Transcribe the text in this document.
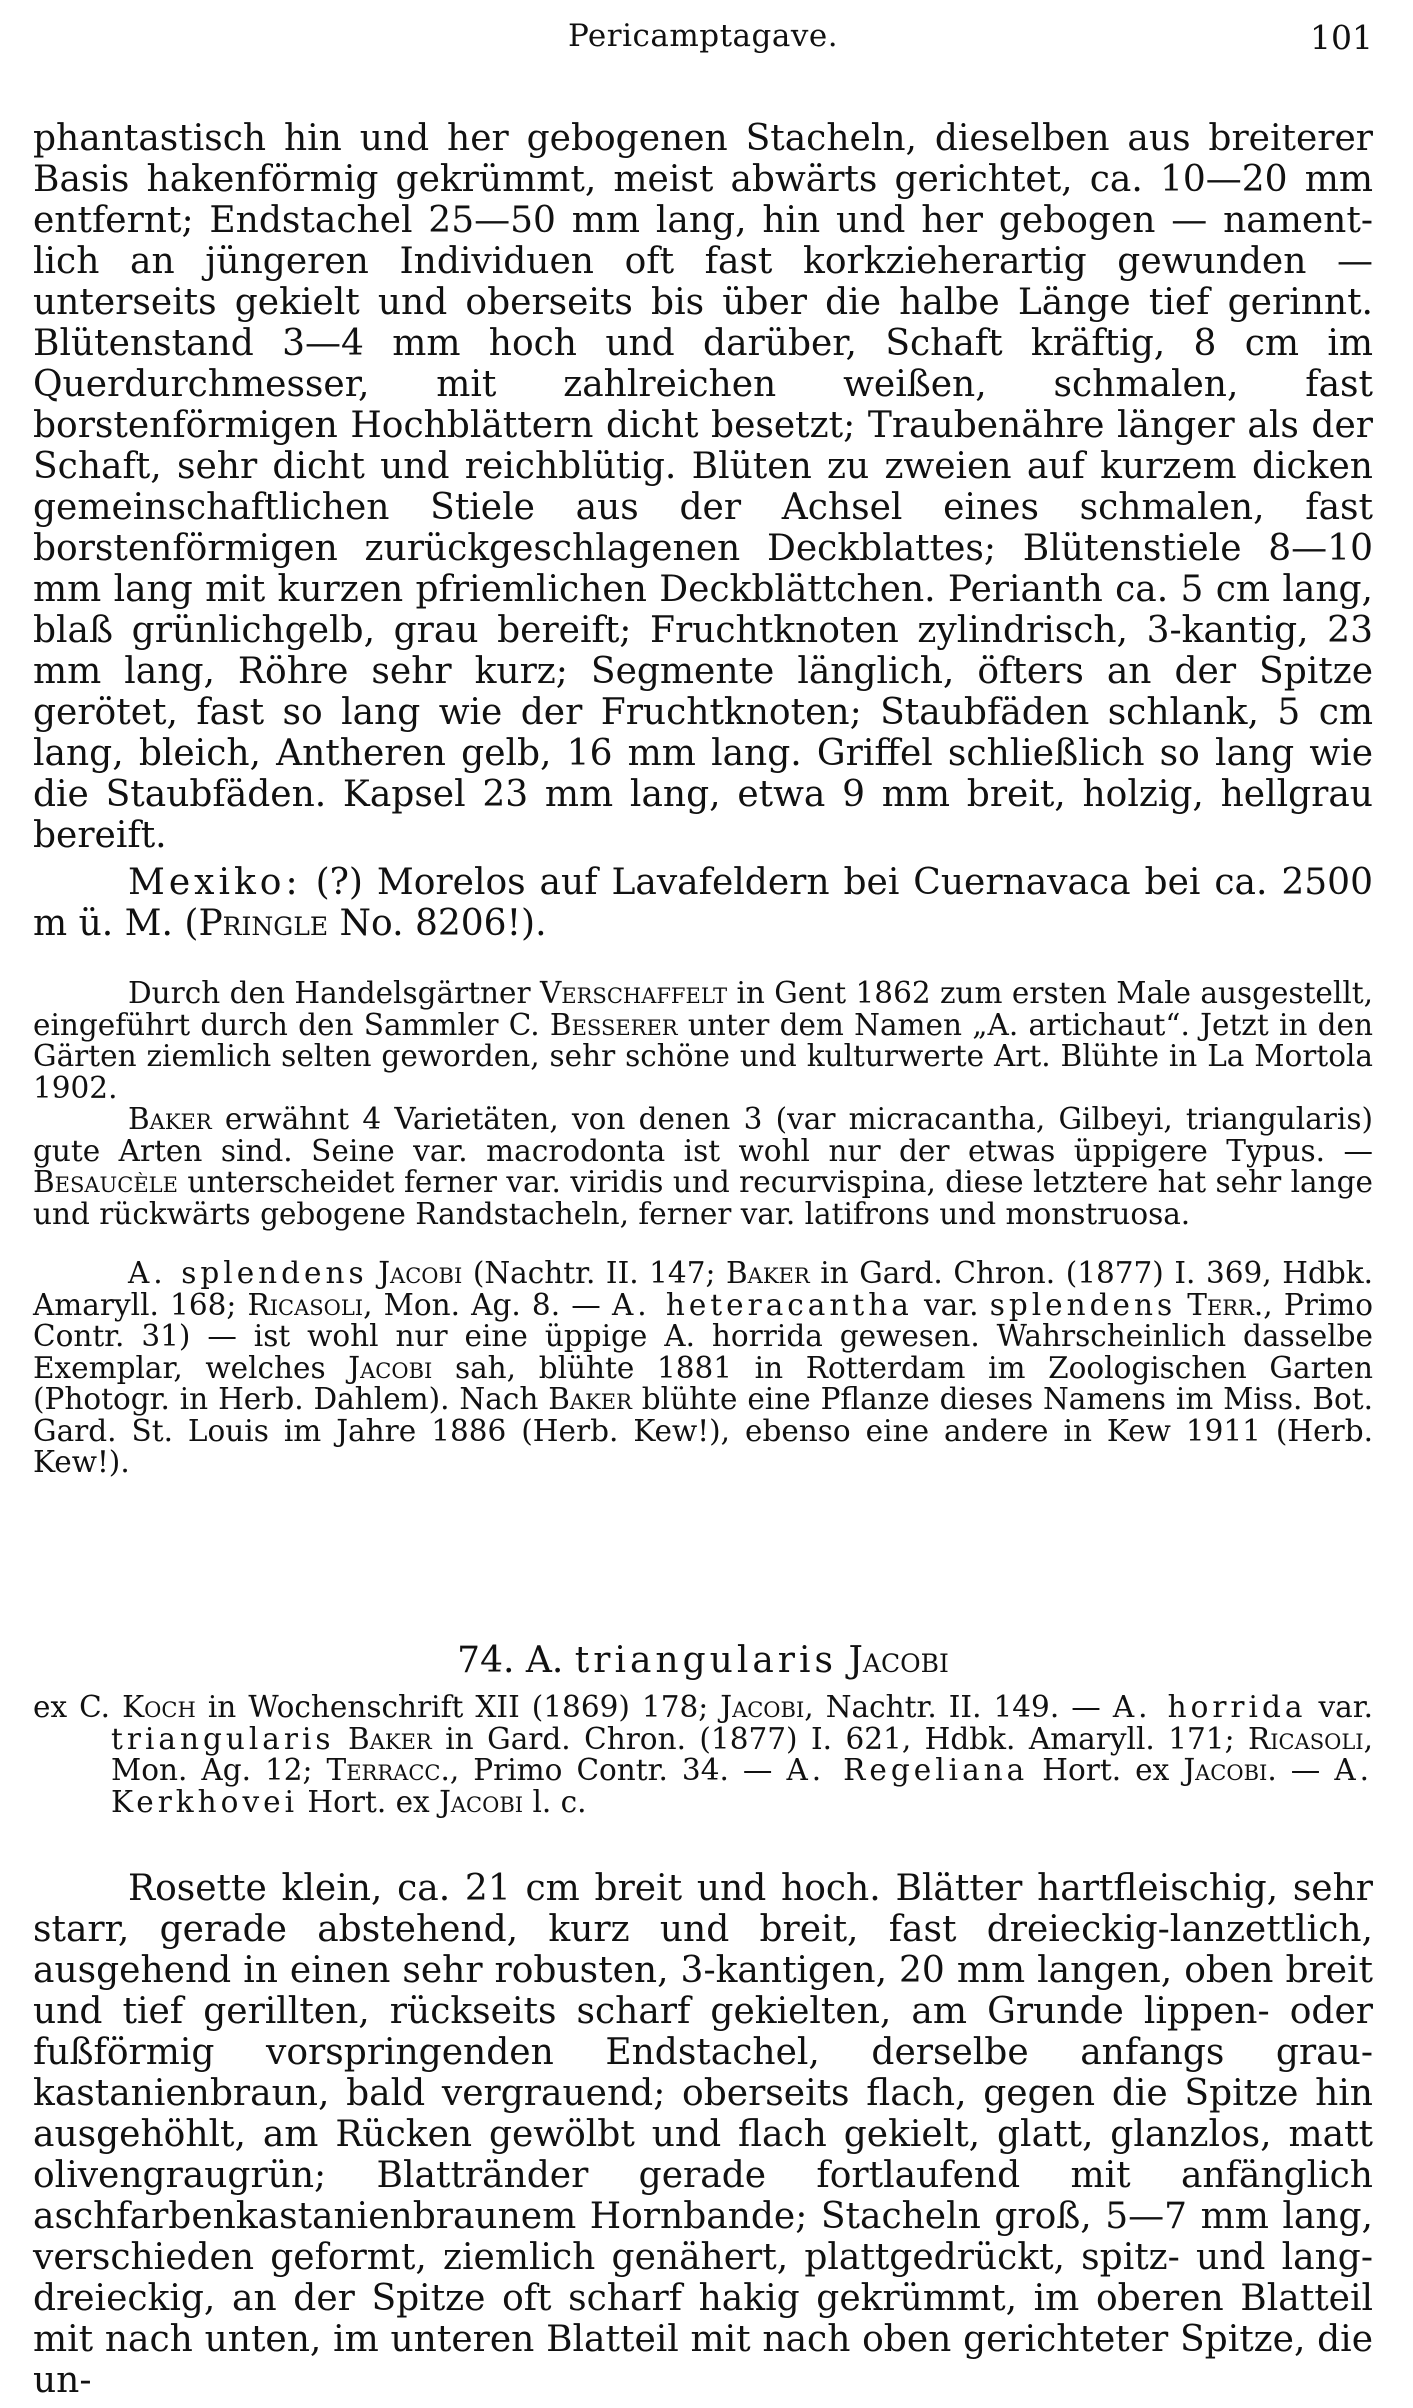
Pericamptagave.	101

phantastisch hin und her gebogenen Stacheln, dieselben aus breiterer Basis hakenförmig gekrümmt, meist abwärts gerichtet, ca. 10—20 mm entfernt; Endstachel 25—50 mm lang, hin und her gebogen — namentlich an jüngeren Individuen oft fast korkzieherartig gewunden — unterseits gekielt und oberseits bis über die halbe Länge tief gerinnt. Blütenstand 3—4 mm hoch und darüber, Schaft kräftig, 8 cm im Querdurchmesser, mit zahlreichen weißen, schmalen, fast borstenförmigen Hochblättern dicht besetzt; Traubenähre länger als der Schaft, sehr dicht und reichblütig. Blüten zu zweien auf kurzem dicken gemeinschaftlichen Stiele aus der Achsel eines schmalen, fast borstenförmigen zurückgeschlagenen Deckblattes; Blütenstiele 8—10 mm lang mit kurzen pfriemlichen Deckblättchen. Perianth ca. 5 cm lang, blaß grünlichgelb, grau bereift; Fruchtknoten zylindrisch, 3-kantig, 23 mm lang, Röhre sehr kurz; Segmente länglich, öfters an der Spitze gerötet, fast so lang wie der Fruchtknoten; Staubfäden schlank, 5 cm lang, bleich, Antheren gelb, 16 mm lang. Griffel schließlich so lang wie die Staubfäden. Kapsel 23 mm lang, etwa 9 mm breit, holzig, hellgrau bereift.

Mexiko: (?) Morelos auf Lavafeldern bei Cuernavaca bei ca. 2500 m ü. M. (Pringle No. 8206!).

Durch den Handelsgärtner Verschaffelt in Gent 1862 zum ersten Male ausgestellt, eingeführt durch den Sammler C. Besserer unter dem Namen „A. artichaut“. Jetzt in den Gärten ziemlich selten geworden, sehr schöne und kulturwerte Art. Blühte in La Mortola 1902.

Baker erwähnt 4 Varietäten, von denen 3 (var micracantha, Gilbeyi, triangularis) gute Arten sind. Seine var. macrodonta ist wohl nur der etwas üppigere Typus. — Besaucèle unterscheidet ferner var. viridis und recurvispina, diese letztere hat sehr lange und rückwärts gebogene Randstacheln, ferner var. latifrons und monstruosa.

A. splendens Jacobi (Nachtr. II. 147; Baker in Gard. Chron. (1877) I. 369, Hdbk. Amaryll. 168; Ricasoli, Mon. Ag. 8. — A. heteracantha var. splendens Terr., Primo Contr. 31) — ist wohl nur eine üppige A. horrida gewesen. Wahrscheinlich dasselbe Exemplar, welches Jacobi sah, blühte 1881 in Rotterdam im Zoologischen Garten (Photogr. in Herb. Dahlem). Nach Baker blühte eine Pflanze dieses Namens im Miss. Bot. Gard. St. Louis im Jahre 1886 (Herb. Kew!), ebenso eine andere in Kew 1911 (Herb. Kew!).

74. A. triangularis Jacobi

ex C. Koch in Wochenschrift XII (1869) 178; Jacobi, Nachtr. II. 149. — A. horrida var. triangularis Baker in Gard. Chron. (1877) I. 621, Hdbk. Amaryll. 171; Ricasoli, Mon. Ag. 12; Terracc., Primo Contr. 34. — A. Regeliana Hort. ex Jacobi. — A. Kerkhovei Hort. ex Jacobi l. c.

Rosette klein, ca. 21 cm breit und hoch. Blätter hartfleischig, sehr starr, gerade abstehend, kurz und breit, fast dreieckig-lanzettlich, ausgehend in einen sehr robusten, 3-kantigen, 20 mm langen, oben breit und tief gerillten, rückseits scharf gekielten, am Grunde lippen- oder fußförmig vorspringenden Endstachel, derselbe anfangs graukastanienbraun, bald vergrauend; oberseits flach, gegen die Spitze hin ausgehöhlt, am Rücken gewölbt und flach gekielt, glatt, glanzlos, matt olivengraugrün; Blattränder gerade fortlaufend mit anfänglich aschfarbenkastanienbraunem Hornbande; Stacheln groß, 5—7 mm lang, verschieden geformt, ziemlich genähert, plattgedrückt, spitz- und lang-dreieckig, an der Spitze oft scharf hakig gekrümmt, im oberen Blatteil mit nach unten, im unteren Blatteil mit nach oben gerichteter Spitze, die un-
